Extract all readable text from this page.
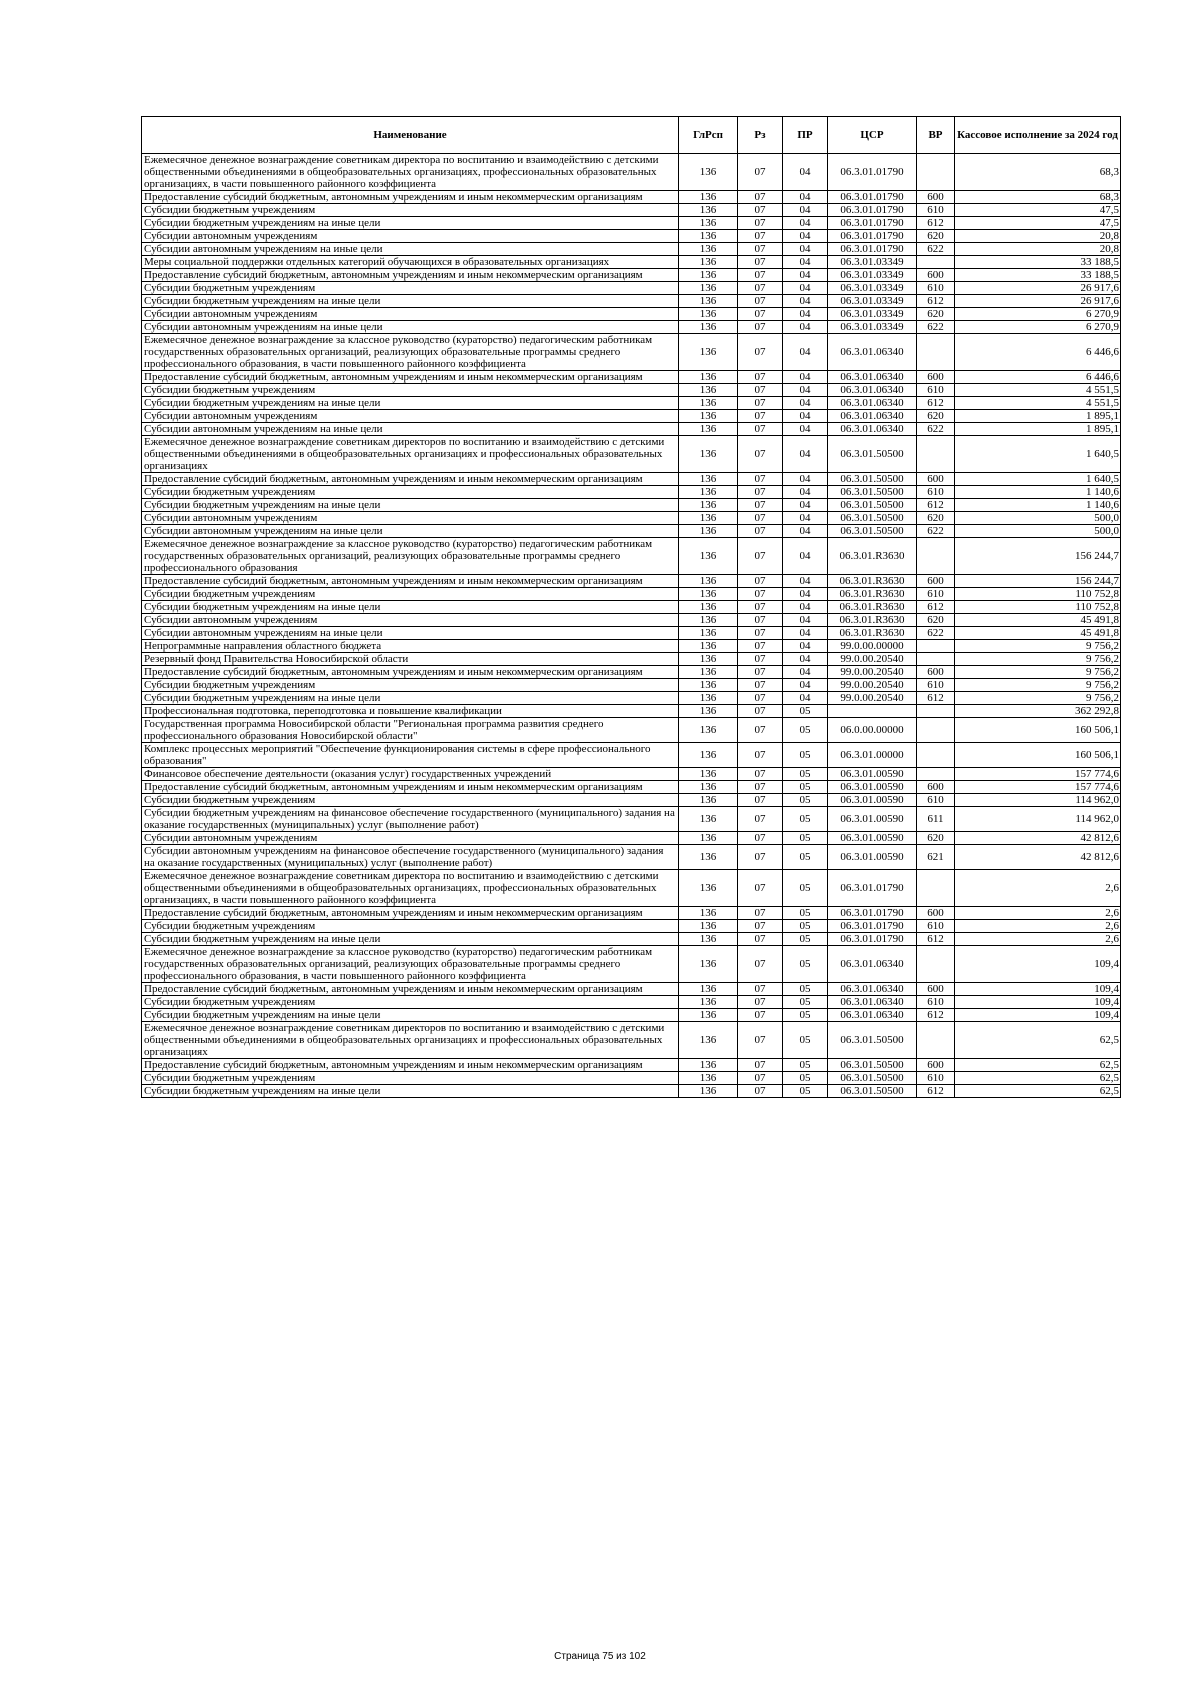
Наименование	ГлРсп	Рз	ПР	ЦСР	ВР	Кассовое исполнение за 2024 год
Ежемесячное денежное вознаграждение советникам директора по воспитанию и взаимодействию с детскими общественными объединениями в общеобразовательных организациях, профессиональных образовательных организациях, в части повышенного районного коэффициента	136	07	04	06.3.01.01790		68,3
Предоставление субсидий бюджетным, автономным учреждениям и иным некоммерческим организациям	136	07	04	06.3.01.01790	600	68,3
Субсидии бюджетным учреждениям	136	07	04	06.3.01.01790	610	47,5
Субсидии бюджетным учреждениям на иные цели	136	07	04	06.3.01.01790	612	47,5
Субсидии автономным учреждениям	136	07	04	06.3.01.01790	620	20,8
Субсидии автономным учреждениям на иные цели	136	07	04	06.3.01.01790	622	20,8
Меры социальной поддержки отдельных категорий обучающихся в образовательных организациях	136	07	04	06.3.01.03349		33 188,5
Предоставление субсидий бюджетным, автономным учреждениям и иным некоммерческим организациям	136	07	04	06.3.01.03349	600	33 188,5
Субсидии бюджетным учреждениям	136	07	04	06.3.01.03349	610	26 917,6
Субсидии бюджетным учреждениям на иные цели	136	07	04	06.3.01.03349	612	26 917,6
Субсидии автономным учреждениям	136	07	04	06.3.01.03349	620	6 270,9
Субсидии автономным учреждениям на иные цели	136	07	04	06.3.01.03349	622	6 270,9
Ежемесячное денежное вознаграждение за классное руководство (кураторство) педагогическим работникам государственных образовательных организаций, реализующих образовательные программы среднего профессионального образования, в части повышенного районного коэффициента	136	07	04	06.3.01.06340		6 446,6
Предоставление субсидий бюджетным, автономным учреждениям и иным некоммерческим организациям	136	07	04	06.3.01.06340	600	6 446,6
Субсидии бюджетным учреждениям	136	07	04	06.3.01.06340	610	4 551,5
Субсидии бюджетным учреждениям на иные цели	136	07	04	06.3.01.06340	612	4 551,5
Субсидии автономным учреждениям	136	07	04	06.3.01.06340	620	1 895,1
Субсидии автономным учреждениям на иные цели	136	07	04	06.3.01.06340	622	1 895,1
Ежемесячное денежное вознаграждение советникам директоров по воспитанию и взаимодействию с детскими общественными объединениями в общеобразовательных организациях и профессиональных образовательных организациях	136	07	04	06.3.01.50500		1 640,5
Предоставление субсидий бюджетным, автономным учреждениям и иным некоммерческим организациям	136	07	04	06.3.01.50500	600	1 640,5
Субсидии бюджетным учреждениям	136	07	04	06.3.01.50500	610	1 140,6
Субсидии бюджетным учреждениям на иные цели	136	07	04	06.3.01.50500	612	1 140,6
Субсидии автономным учреждениям	136	07	04	06.3.01.50500	620	500,0
Субсидии автономным учреждениям на иные цели	136	07	04	06.3.01.50500	622	500,0
Ежемесячное денежное вознаграждение за классное руководство (кураторство) педагогическим работникам государственных образовательных организаций, реализующих образовательные программы среднего профессионального образования	136	07	04	06.3.01.R3630		156 244,7
Предоставление субсидий бюджетным, автономным учреждениям и иным некоммерческим организациям	136	07	04	06.3.01.R3630	600	156 244,7
Субсидии бюджетным учреждениям	136	07	04	06.3.01.R3630	610	110 752,8
Субсидии бюджетным учреждениям на иные цели	136	07	04	06.3.01.R3630	612	110 752,8
Субсидии автономным учреждениям	136	07	04	06.3.01.R3630	620	45 491,8
Субсидии автономным учреждениям на иные цели	136	07	04	06.3.01.R3630	622	45 491,8
Непрограммные направления областного бюджета	136	07	04	99.0.00.00000		9 756,2
Резервный фонд Правительства Новосибирской области	136	07	04	99.0.00.20540		9 756,2
Предоставление субсидий бюджетным, автономным учреждениям и иным некоммерческим организациям	136	07	04	99.0.00.20540	600	9 756,2
Субсидии бюджетным учреждениям	136	07	04	99.0.00.20540	610	9 756,2
Субсидии бюджетным учреждениям на иные цели	136	07	04	99.0.00.20540	612	9 756,2
Профессиональная подготовка, переподготовка и повышение квалификации	136	07	05			362 292,8
Государственная программа Новосибирской области "Региональная программа развития среднего профессионального образования Новосибирской области"	136	07	05	06.0.00.00000		160 506,1
Комплекс процессных мероприятий "Обеспечение функционирования системы в сфере профессионального образования"	136	07	05	06.3.01.00000		160 506,1
Финансовое обеспечение деятельности (оказания услуг) государственных учреждений	136	07	05	06.3.01.00590		157 774,6
Предоставление субсидий бюджетным, автономным учреждениям и иным некоммерческим организациям	136	07	05	06.3.01.00590	600	157 774,6
Субсидии бюджетным учреждениям	136	07	05	06.3.01.00590	610	114 962,0
Субсидии бюджетным учреждениям на финансовое обеспечение государственного (муниципального) задания на оказание государственных (муниципальных) услуг (выполнение работ)	136	07	05	06.3.01.00590	611	114 962,0
Субсидии автономным учреждениям	136	07	05	06.3.01.00590	620	42 812,6
Субсидии автономным учреждениям на финансовое обеспечение государственного (муниципального) задания на оказание государственных (муниципальных) услуг (выполнение работ)	136	07	05	06.3.01.00590	621	42 812,6
Ежемесячное денежное вознаграждение советникам директора по воспитанию и взаимодействию с детскими общественными объединениями в общеобразовательных организациях, профессиональных образовательных организациях, в части повышенного районного коэффициента	136	07	05	06.3.01.01790		2,6
Предоставление субсидий бюджетным, автономным учреждениям и иным некоммерческим организациям	136	07	05	06.3.01.01790	600	2,6
Субсидии бюджетным учреждениям	136	07	05	06.3.01.01790	610	2,6
Субсидии бюджетным учреждениям на иные цели	136	07	05	06.3.01.01790	612	2,6
Ежемесячное денежное вознаграждение за классное руководство (кураторство) педагогическим работникам государственных образовательных организаций, реализующих образовательные программы среднего профессионального образования, в части повышенного районного коэффициента	136	07	05	06.3.01.06340		109,4
Предоставление субсидий бюджетным, автономным учреждениям и иным некоммерческим организациям	136	07	05	06.3.01.06340	600	109,4
Субсидии бюджетным учреждениям	136	07	05	06.3.01.06340	610	109,4
Субсидии бюджетным учреждениям на иные цели	136	07	05	06.3.01.06340	612	109,4
Ежемесячное денежное вознаграждение советникам директоров по воспитанию и взаимодействию с детскими общественными объединениями в общеобразовательных организациях и профессиональных образовательных организациях	136	07	05	06.3.01.50500		62,5
Предоставление субсидий бюджетным, автономным учреждениям и иным некоммерческим организациям	136	07	05	06.3.01.50500	600	62,5
Субсидии бюджетным учреждениям	136	07	05	06.3.01.50500	610	62,5
Субсидии бюджетным учреждениям на иные цели	136	07	05	06.3.01.50500	612	62,5
Страница 75 из 102
